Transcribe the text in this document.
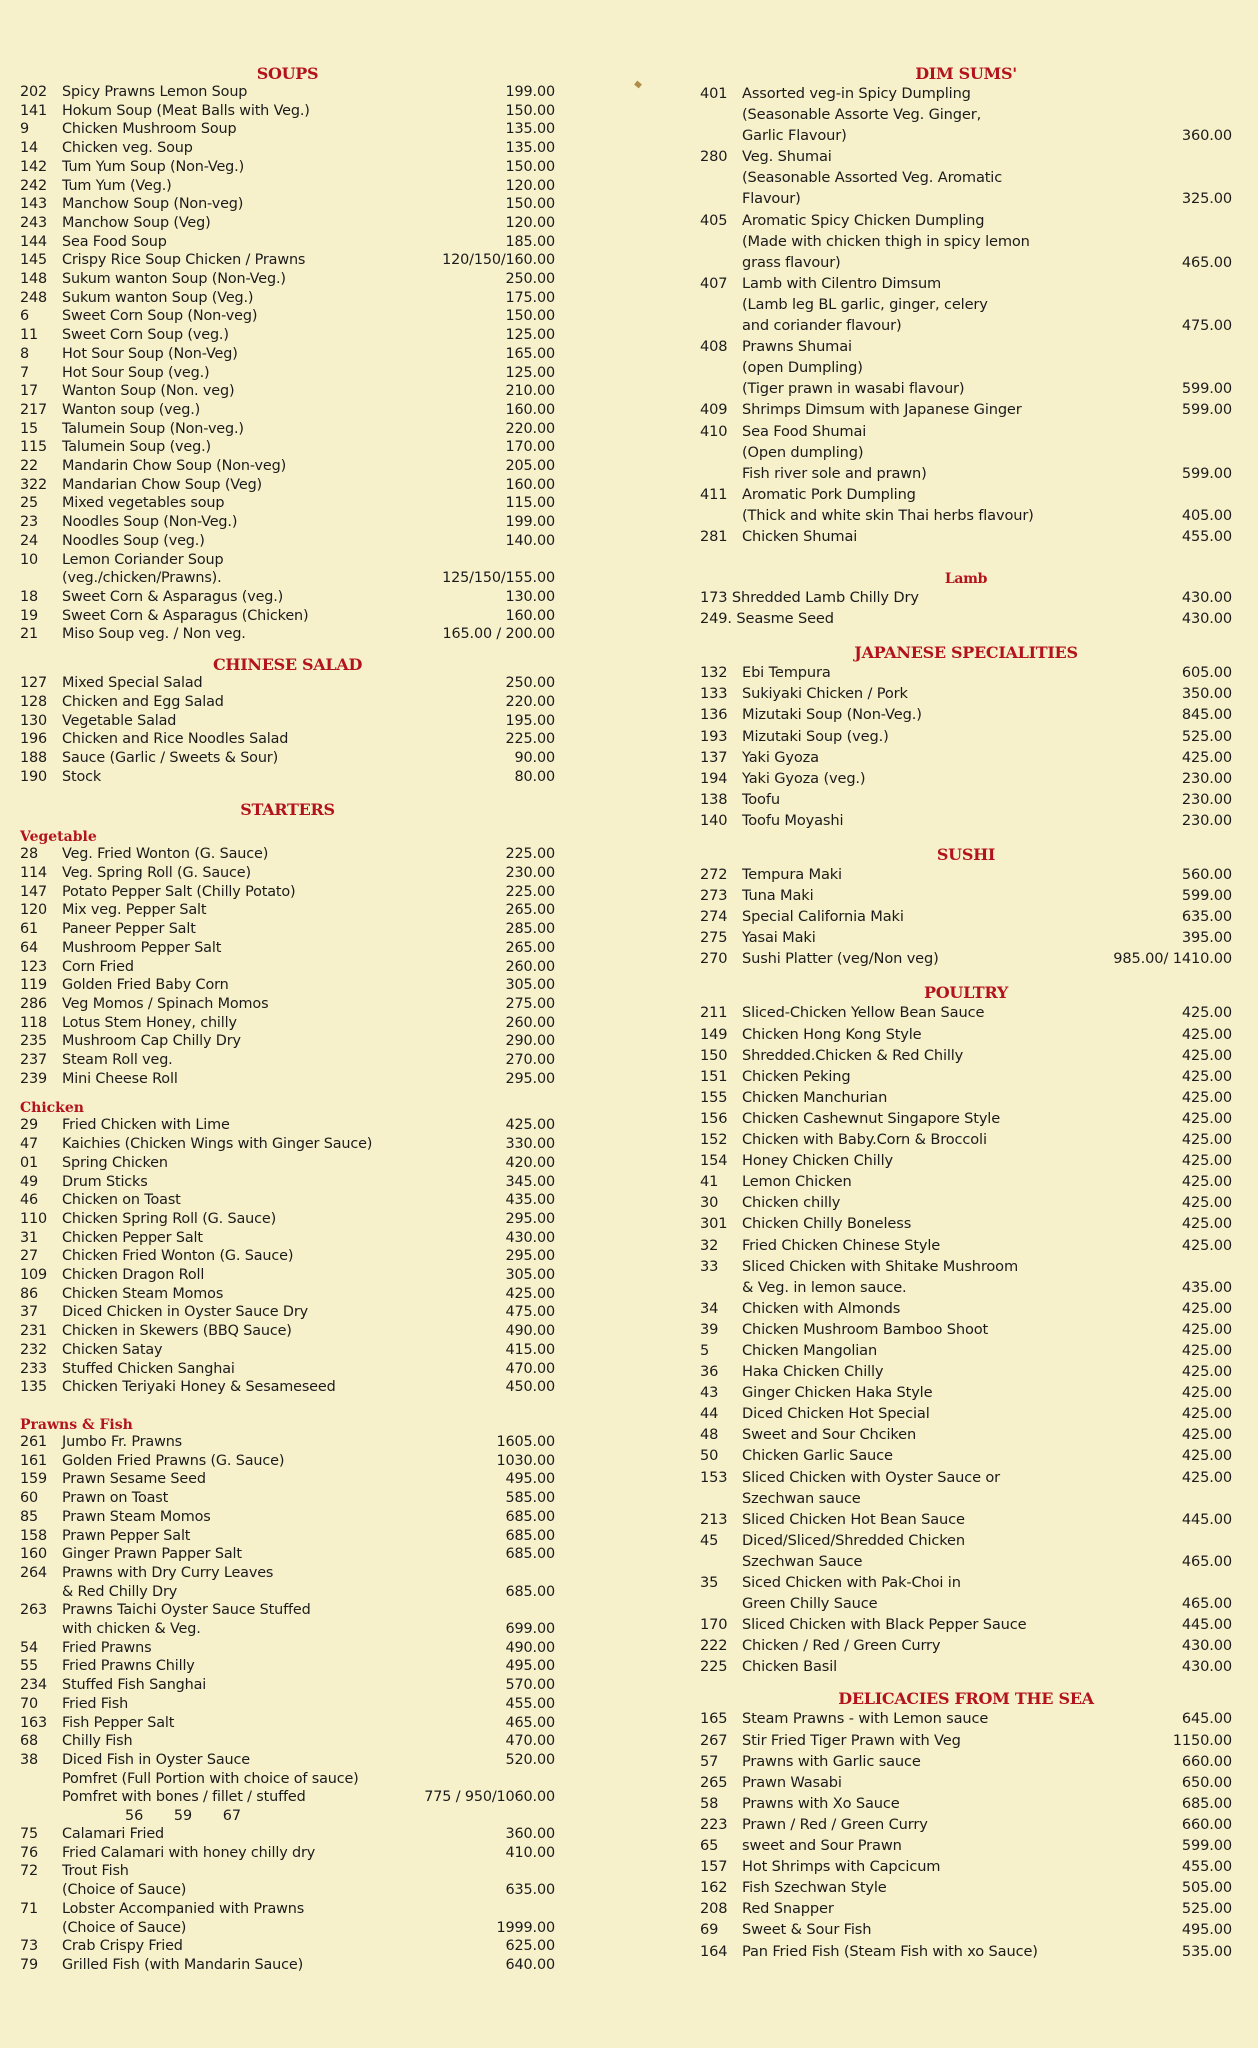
SOUPS
202	Spicy Prawns Lemon Soup	199.00
141	Hokum Soup (Meat Balls with Veg.)	150.00
9	Chicken Mushroom Soup	135.00
14	Chicken veg. Soup	135.00
142	Tum Yum Soup (Non-Veg.)	150.00
242	Tum Yum (Veg.)	120.00
143	Manchow Soup (Non-veg)	150.00
243	Manchow Soup (Veg)	120.00
144	Sea Food Soup	185.00
145	Crispy Rice Soup Chicken / Prawns	120/150/160.00
148	Sukum wanton Soup (Non-Veg.)	250.00
248	Sukum wanton Soup (Veg.)	175.00
6	Sweet Corn Soup (Non-veg)	150.00
11	Sweet Corn Soup (veg.)	125.00
8	Hot Sour Soup (Non-Veg)	165.00
7	Hot Sour Soup (veg.)	125.00
17	Wanton Soup (Non. veg)	210.00
217	Wanton soup (veg.)	160.00
15	Talumein Soup (Non-veg.)	220.00
115	Talumein Soup (veg.)	170.00
22	Mandarin Chow Soup (Non-veg)	205.00
322	Mandarian Chow Soup (Veg)	160.00
25	Mixed vegetables soup	115.00
23	Noodles Soup (Non-Veg.)	199.00
24	Noodles Soup (veg.)	140.00
10	Lemon Coriander Soup
(veg./chicken/Prawns).	125/150/155.00
18	Sweet Corn & Asparagus (veg.)	130.00
19	Sweet Corn & Asparagus (Chicken)	160.00
21	Miso Soup veg. / Non veg.	165.00 / 200.00
CHINESE SALAD
127	Mixed Special Salad	250.00
128	Chicken and Egg Salad	220.00
130	Vegetable Salad	195.00
196	Chicken and Rice Noodles Salad	225.00
188	Sauce (Garlic / Sweets & Sour)	90.00
190	Stock	80.00
STARTERS
Vegetable
28	Veg. Fried Wonton (G. Sauce)	225.00
114	Veg. Spring Roll (G. Sauce)	230.00
147	Potato Pepper Salt (Chilly Potato)	225.00
120	Mix veg. Pepper Salt	265.00
61	Paneer Pepper Salt	285.00
64	Mushroom Pepper Salt	265.00
123	Corn Fried	260.00
119	Golden Fried Baby Corn	305.00
286	Veg Momos / Spinach Momos	275.00
118	Lotus Stem Honey, chilly	260.00
235	Mushroom Cap Chilly Dry	290.00
237	Steam Roll veg.	270.00
239	Mini Cheese Roll	295.00
Chicken
29	Fried Chicken with Lime	425.00
47	Kaichies (Chicken Wings with Ginger Sauce)	330.00
01	Spring Chicken	420.00
49	Drum Sticks	345.00
46	Chicken on Toast	435.00
110	Chicken Spring Roll (G. Sauce)	295.00
31	Chicken Pepper Salt	430.00
27	Chicken Fried Wonton (G. Sauce)	295.00
109	Chicken Dragon Roll	305.00
86	Chicken Steam Momos	425.00
37	Diced Chicken in Oyster Sauce Dry	475.00
231	Chicken in Skewers (BBQ Sauce)	490.00
232	Chicken Satay	415.00
233	Stuffed Chicken Sanghai	470.00
135	Chicken Teriyaki Honey & Sesameseed	450.00
Prawns & Fish
261	Jumbo Fr. Prawns	1605.00
161	Golden Fried Prawns (G. Sauce)	1030.00
159	Prawn Sesame Seed	495.00
60	Prawn on Toast	585.00
85	Prawn Steam Momos	685.00
158	Prawn Pepper Salt	685.00
160	Ginger Prawn Papper Salt	685.00
264	Prawns with Dry Curry Leaves
& Red Chilly Dry	685.00
263	Prawns Taichi Oyster Sauce Stuffed
with chicken & Veg.	699.00
54	Fried Prawns	490.00
55	Fried Prawns Chilly	495.00
234	Stuffed Fish Sanghai	570.00
70	Fried Fish	455.00
163	Fish Pepper Salt	465.00
68	Chilly Fish	470.00
38	Diced Fish in Oyster Sauce	520.00
Pomfret (Full Portion with choice of sauce)
Pomfret with bones / fillet / stuffed	775 / 950/1060.00
56 59 67
75	Calamari Fried	360.00
76	Fried Calamari with honey chilly dry	410.00
72	Trout Fish
(Choice of Sauce)	635.00
71	Lobster Accompanied with Prawns
(Choice of Sauce)	1999.00
73	Crab Crispy Fried	625.00
79	Grilled Fish (with Mandarin Sauce)	640.00
DIM SUMS'
401 Assorted veg-in Spicy Dumpling
(Seasonable Assorte Veg. Ginger,
Garlic Flavour)	360.00
280 Veg. Shumai
(Seasonable Assorted Veg. Aromatic
Flavour)	325.00
405 Aromatic Spicy Chicken Dumpling
(Made with chicken thigh in spicy lemon
grass flavour)	465.00
407 Lamb with Cilentro Dimsum
(Lamb leg BL garlic, ginger, celery
and coriander flavour)	475.00
408 Prawns Shumai
(open Dumpling)
(Tiger prawn in wasabi flavour)	599.00
409 Shrimps Dimsum with Japanese Ginger	599.00
410 Sea Food Shumai
(Open dumpling)
Fish river sole and prawn)	599.00
411 Aromatic Pork Dumpling
(Thick and white skin Thai herbs flavour)	405.00
281 Chicken Shumai	455.00
Lamb
173 Shredded Lamb Chilly Dry	430.00
249. Seasme Seed	430.00
JAPANESE SPECIALITIES
132 Ebi Tempura	605.00
133 Sukiyaki Chicken / Pork	350.00
136 Mizutaki Soup (Non-Veg.)	845.00
193 Mizutaki Soup (veg.)	525.00
137 Yaki Gyoza	425.00
194 Yaki Gyoza (veg.)	230.00
138 Toofu	230.00
140 Toofu Moyashi	230.00
SUSHI
272 Tempura Maki	560.00
273 Tuna Maki	599.00
274 Special California Maki	635.00
275 Yasai Maki	395.00
270 Sushi Platter (veg/Non veg)	985.00/ 1410.00
POULTRY
211 Sliced-Chicken Yellow Bean Sauce	425.00
149 Chicken Hong Kong Style	425.00
150 Shredded.Chicken & Red Chilly	425.00
151 Chicken Peking	425.00
155 Chicken Manchurian	425.00
156 Chicken Cashewnut Singapore Style	425.00
152 Chicken with Baby.Corn & Broccoli	425.00
154 Honey Chicken Chilly	425.00
41	Lemon Chicken	425.00
30	Chicken chilly	425.00
301 Chicken Chilly Boneless	425.00
32	Fried Chicken Chinese Style	425.00
33	Sliced Chicken with Shitake Mushroom
& Veg. in lemon sauce.	435.00
34	Chicken with Almonds	425.00
39	Chicken Mushroom Bamboo Shoot	425.00
5	Chicken Mangolian	425.00
36	Haka Chicken Chilly	425.00
43	Ginger Chicken Haka Style	425.00
44	Diced Chicken Hot Special	425.00
48	Sweet and Sour Chciken	425.00
50	Chicken Garlic Sauce	425.00
153 Sliced Chicken with Oyster Sauce or	425.00
Szechwan sauce
213 Sliced Chicken Hot Bean Sauce	445.00
45	Diced/Sliced/Shredded Chicken
Szechwan Sauce	465.00
35	Siced Chicken with Pak-Choi in
Green Chilly Sauce	465.00
170 Sliced Chicken with Black Pepper Sauce	445.00
222 Chicken / Red / Green Curry	430.00
225 Chicken Basil	430.00
DELICACIES FROM THE SEA
165 Steam Prawns - with Lemon sauce	645.00
267 Stir Fried Tiger Prawn with Veg	1150.00
57	Prawns with Garlic sauce	660.00
265 Prawn Wasabi	650.00
58	Prawns with Xo Sauce	685.00
223 Prawn / Red / Green Curry	660.00
65	sweet and Sour Prawn	599.00
157 Hot Shrimps with Capcicum	455.00
162 Fish Szechwan Style	505.00
208 Red Snapper	525.00
69	Sweet & Sour Fish	495.00
164 Pan Fried Fish (Steam Fish with xo Sauce)	535.00
